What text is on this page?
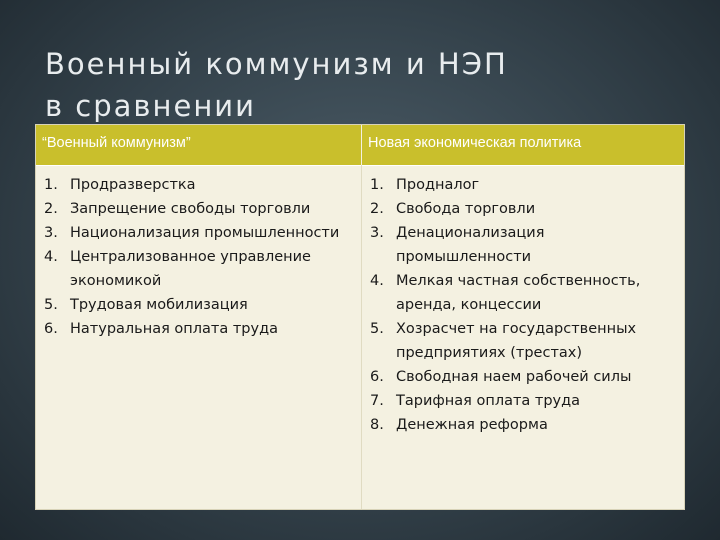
Военный коммунизм и НЭП
в сравнении
“Военный коммунизм”	Новая экономическая политика
1. Продразверстка
2. Запрещение свободы торговли
3. Национализация промышленности
4. Централизованное управление экономикой
5. Трудовая мобилизация
6. Натуральная оплата труда
1. Продналог
2. Свобода торговли
3. Денационализация промышленности
4. Мелкая частная собственность, аренда, концессии
5. Хозрасчет на государственных предприятиях (трестах)
6. Свободная наем рабочей силы
7. Тарифная оплата труда
8. Денежная реформа
